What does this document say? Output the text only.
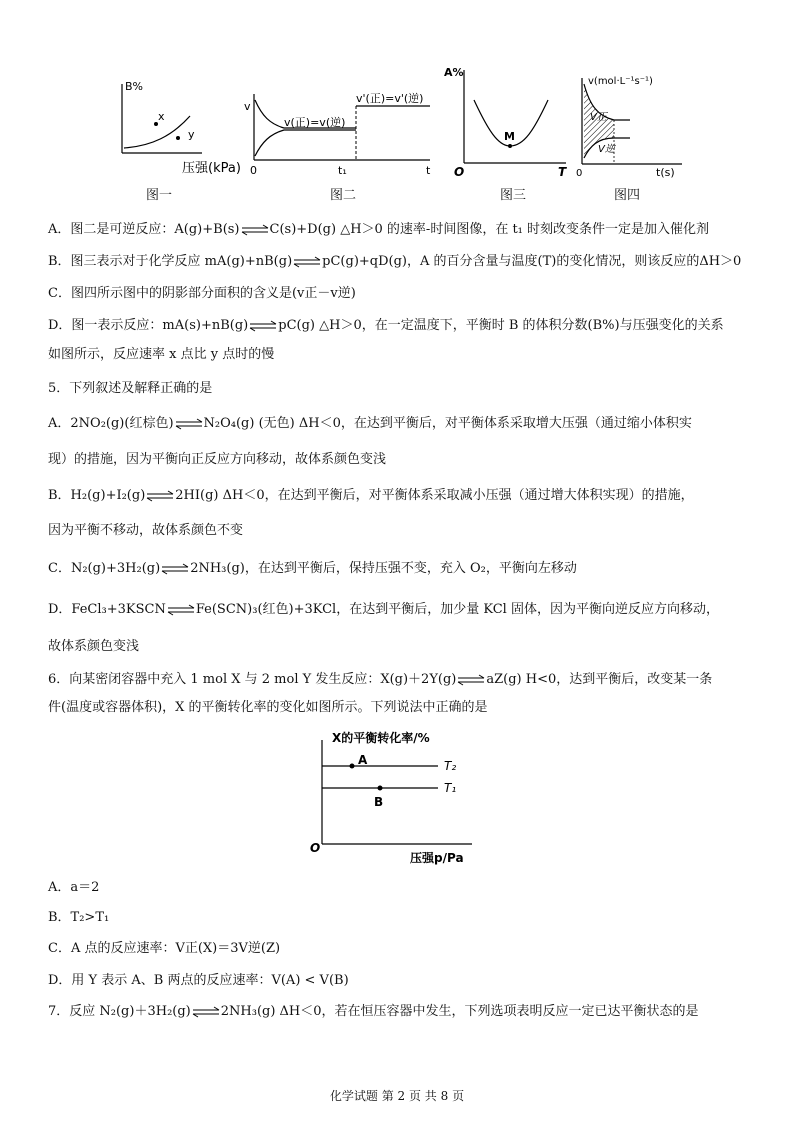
B%
x
y
压强(kPa)
图一
v
v(正)=v(逆)
v'(正)=v'(逆)
0	t₁	t
图二
A%
M
O	T
图三
v(mol·L⁻¹s⁻¹)
V正
V逆
0	t(s)
图四
A．图二是可逆反应：A(g)+B(s)⇌C(s)+D(g) △H＞0 的速率-时间图像，在 t₁ 时刻改变条件一定是加入催化剂
B．图三表示对于化学反应 mA(g)+nB(g)⇌pC(g)+qD(g)，A 的百分含量与温度(T)的变化情况，则该反应的ΔH＞0
C．图四所示图中的阴影部分面积的含义是(v正－v逆)
D．图一表示反应：mA(s)+nB(g)⇌pC(g) △H＞0，在一定温度下，平衡时 B 的体积分数(B%)与压强变化的关系
如图所示，反应速率 x 点比 y 点时的慢
5．下列叙述及解释正确的是
A．2NO₂(g)(红棕色)⇌N₂O₄(g) (无色) ΔH＜0，在达到平衡后，对平衡体系采取增大压强（通过缩小体积实
现）的措施，因为平衡向正反应方向移动，故体系颜色变浅
B．H₂(g)+I₂(g)⇌2HI(g) ΔH＜0，在达到平衡后，对平衡体系采取减小压强（通过增大体积实现）的措施，
因为平衡不移动，故体系颜色不变
C．N₂(g)+3H₂(g)⇌2NH₃(g)，在达到平衡后，保持压强不变，充入 O₂，平衡向左移动
D．FeCl₃+3KSCN⇌Fe(SCN)₃(红色)+3KCl，在达到平衡后，加少量 KCl 固体，因为平衡向逆反应方向移动，
故体系颜色变浅
6．向某密闭容器中充入 1 mol X 与 2 mol Y 发生反应：X(g)＋2Y(g)⇌aZ(g) H<0，达到平衡后，改变某一条
件(温度或容器体积)，X 的平衡转化率的变化如图所示。下列说法中正确的是
X的平衡转化率/%
A
B
T₂
T₁
O
压强p/Pa
A．a＝2
B．T₂>T₁
C．A 点的反应速率：V正(X)＝3V逆(Z)
D．用 Y 表示 A、B 两点的反应速率：V(A) < V(B)
7．反应 N₂(g)＋3H₂(g)⇌2NH₃(g) ΔH＜0，若在恒压容器中发生，下列选项表明反应一定已达平衡状态的是
化学试题 第 2 页 共 8 页
